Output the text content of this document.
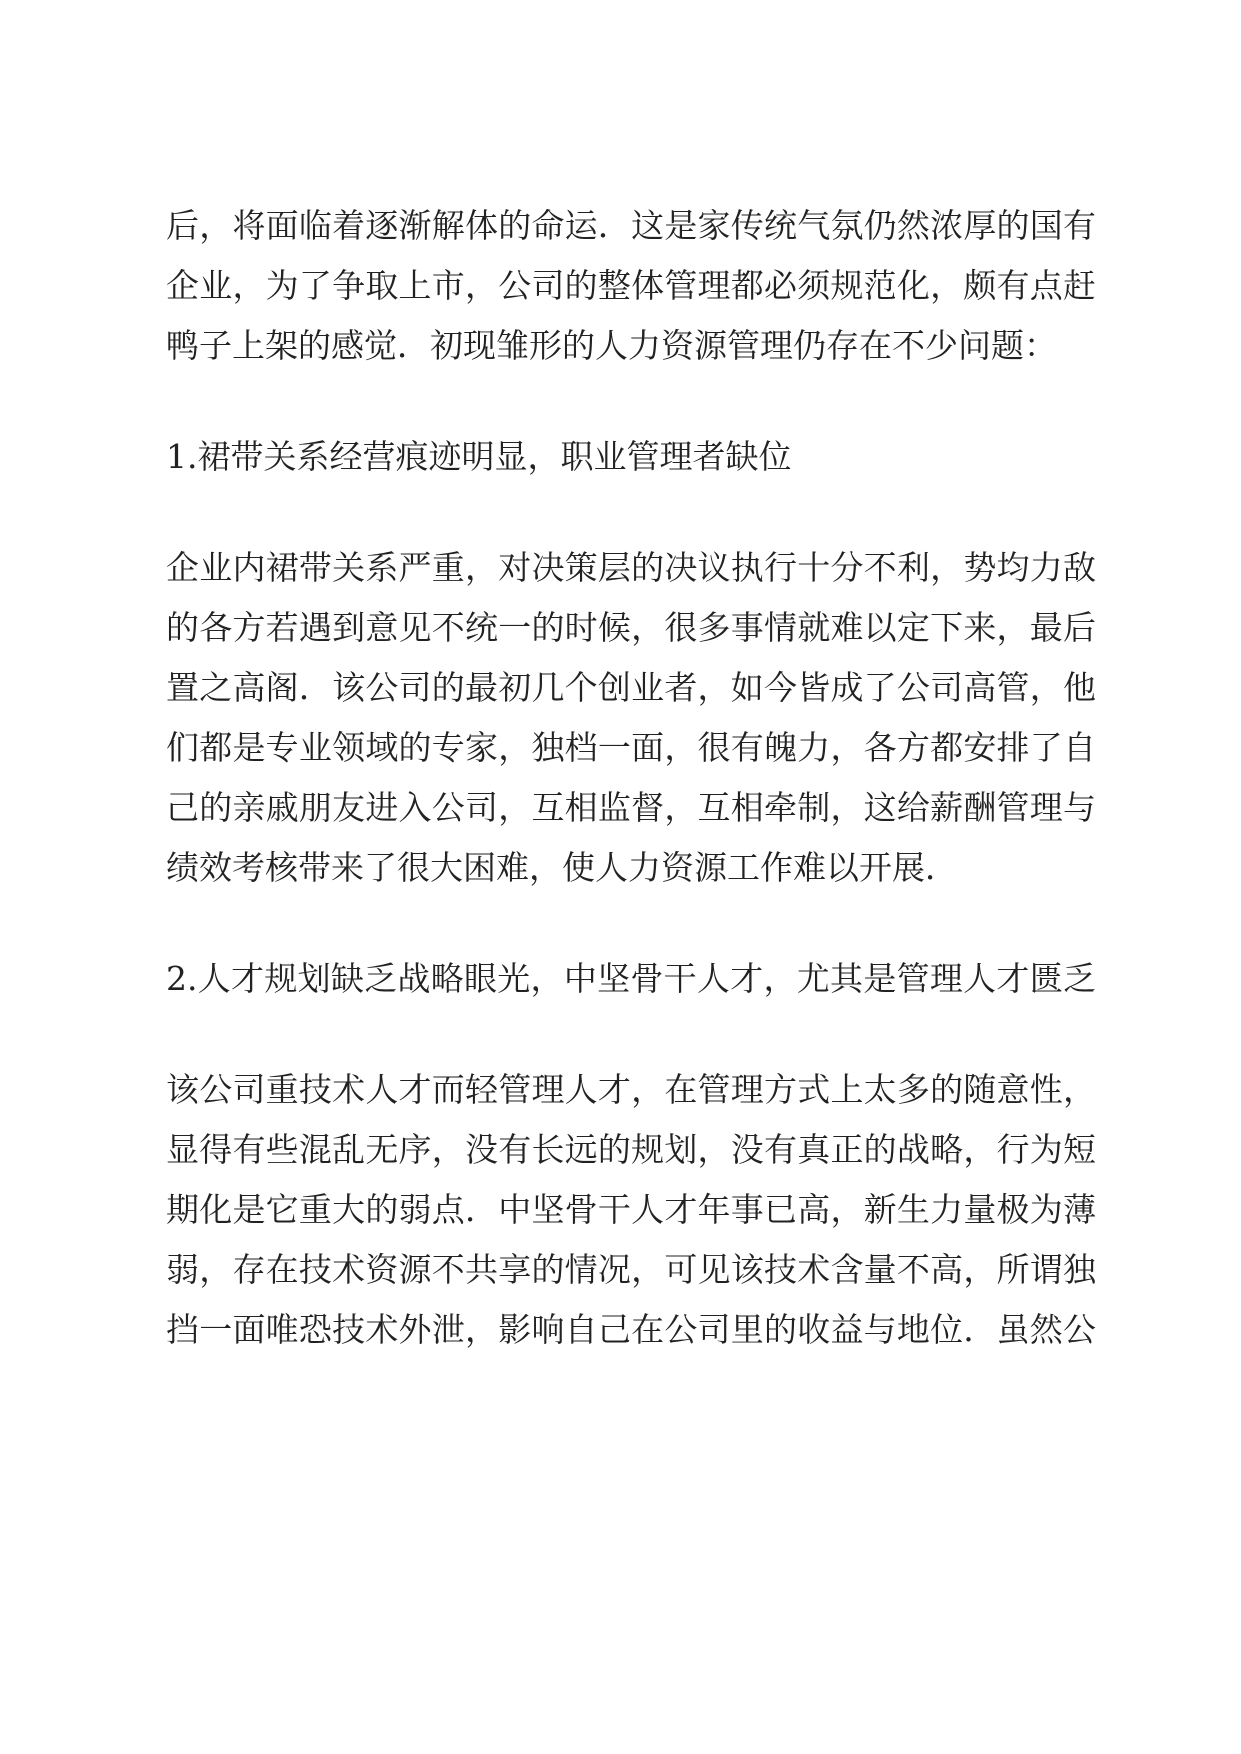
后，将面临着逐渐解体的命运．这是家传统气氛仍然浓厚的国有
企业，为了争取上市，公司的整体管理都必须规范化，颇有点赶
鸭子上架的感觉．初现雏形的人力资源管理仍存在不少问题：
1.裙带关系经营痕迹明显，职业管理者缺位
企业内裙带关系严重，对决策层的决议执行十分不利，势均力敌
的各方若遇到意见不统一的时候，很多事情就难以定下来，最后
置之高阁．该公司的最初几个创业者，如今皆成了公司高管，他
们都是专业领域的专家，独档一面，很有魄力，各方都安排了自
己的亲戚朋友进入公司，互相监督，互相牵制，这给薪酬管理与
绩效考核带来了很大困难，使人力资源工作难以开展．
2.人才规划缺乏战略眼光，中坚骨干人才，尤其是管理人才匮乏
该公司重技术人才而轻管理人才，在管理方式上太多的随意性，
显得有些混乱无序，没有长远的规划，没有真正的战略，行为短
期化是它重大的弱点．中坚骨干人才年事已高，新生力量极为薄
弱，存在技术资源不共享的情况，可见该技术含量不高，所谓独
挡一面唯恐技术外泄，影响自己在公司里的收益与地位．虽然公
